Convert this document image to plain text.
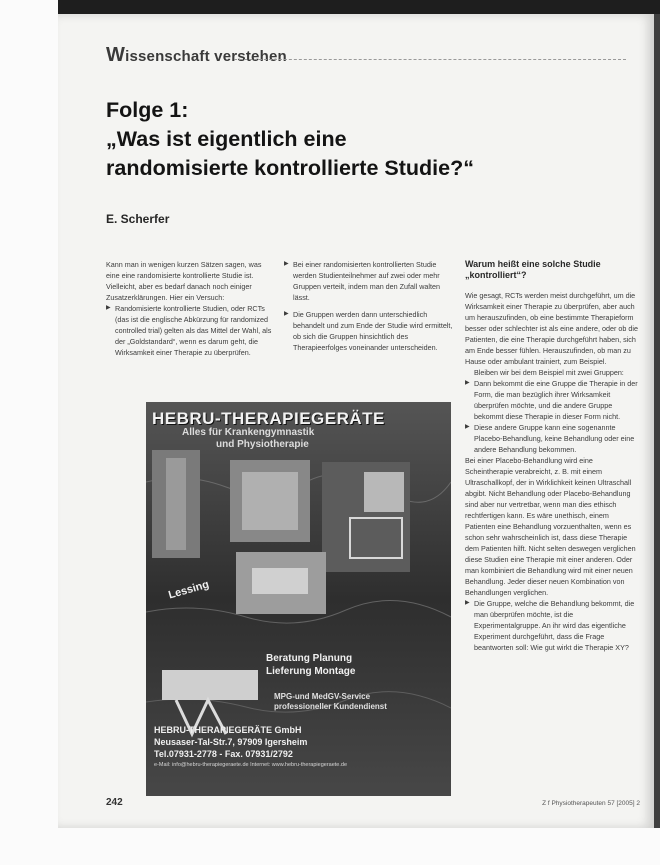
Wissenschaft verstehen
Folge 1:
„Was ist eigentlich eine
randomisierte kontrollierte Studie?“
E. Scherfer

Kann man in wenigen kurzen Sätzen sagen, was eine eine randomisierte kontrollierte Studie ist. Vielleicht, aber es bedarf danach noch einiger Zusatzerklärungen. Hier ein Versuch:

▶ Randomisierte kontrollierte Studien, oder RCTs (das ist die englische Abkürzung für randomized controlled trial) gelten als das Mittel der Wahl, als der „Goldstandard“, wenn es darum geht, die Wirksamkeit einer Therapie zu überprüfen.

▶ Bei einer randomisierten kontrollierten Studie werden Studienteilnehmer auf zwei oder mehr Gruppen verteilt, indem man den Zufall walten lässt.

▶ Die Gruppen werden dann unterschiedlich behandelt und zum Ende der Studie wird ermittelt, ob sich die Gruppen hinsichtlich des Therapieerfolges voneinander unterscheiden.

Warum heißt eine solche Studie „kontrolliert“?

Wie gesagt, RCTs werden meist durchgeführt, um die Wirksamkeit einer Therapie zu überprüfen, aber auch um herauszufinden, ob eine bestimmte Therapieform besser oder schlechter ist als eine andere, oder ob die Patienten, die eine Therapie durchgeführt haben, sich am Ende besser fühlen. Herauszufinden, ob man zu Hause oder ambulant trainiert, zum Beispiel.

Bleiben wir bei dem Beispiel mit zwei Gruppen:

▶ Dann bekommt die eine Gruppe die Therapie in der Form, die man bezüglich ihrer Wirksamkeit überprüfen möchte, und die andere Gruppe bekommt diese Therapie in dieser Form nicht.

▶ Diese andere Gruppe kann eine sogenannte Placebo-Behandlung, keine Behandlung oder eine andere Behandlung bekommen.

Bei einer Placebo-Behandlung wird eine Scheintherapie verabreicht, z. B. mit einem Ultraschallkopf, der in Wirklichkeit keinen Ultraschall abgibt. Nicht Behandlung oder Placebo-Behandlung sind aber nur vertretbar, wenn man dies ethisch rechtfertigen kann. Es wäre unethisch, einem Patienten eine Behandlung vorzuenthalten, wenn es schon sehr wahrscheinlich ist, dass diese Therapie dem Patienten hilft. Nicht selten deswegen verglichen diese Studien eine Therapie mit einer anderen. Oder man kombiniert die Behandlung wird mit einer neuen Behandlung. Jeder dieser neuen Kombination von Behandlungen verglichen.

▶ Die Gruppe, welche die Behandlung bekommt, die man überprüfen möchte, ist die Experimentalgruppe. An ihr wird das eigentliche Experiment durchgeführt, dass die Frage beantworten soll: Wie gut wirkt die Therapie XY?

HEBRU-THERAPIEGERÄTE
Alles für Krankengymnastik
und Physiotherapie
Lessing
Beratung Planung
Lieferung Montage
MPG-und MedGV-Service
professioneller Kundendienst
HEBRU-THERAPIEGERÄTE GmbH
Neusaser-Tal-Str.7, 97909 Igersheim
Tel.07931-2778 - Fax. 07931/2792
e-Mail: info@hebru-therapiegeraete.de Internet: www.hebru-therapiegeraete.de
242	Z f Physiotherapeuten 57 [2005] 2
